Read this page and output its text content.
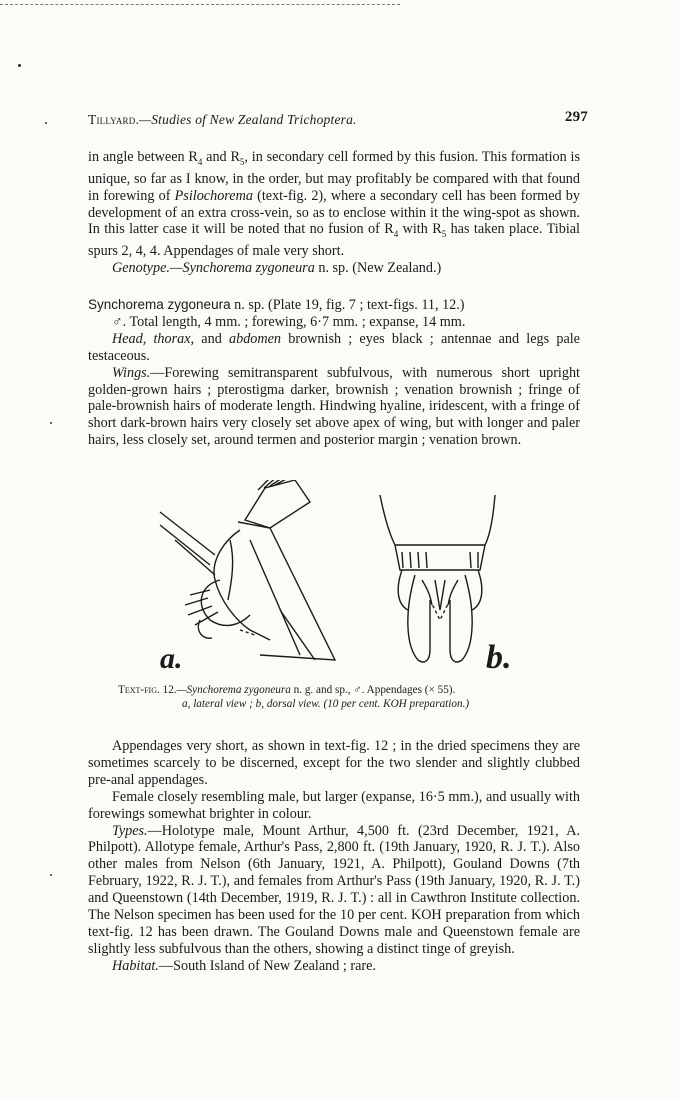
Tillyard.—Studies of New Zealand Trichoptera.	297

in angle between $R_4$ and $R_5$, in secondary cell formed by this fusion. This formation is unique, so far as I know, in the order, but may profitably be compared with that found in forewing of Psilochorema (text-fig. 2), where a secondary cell has been formed by development of an extra cross-vein, so as to enclose within it the wing-spot as shown. In this latter case it will be noted that no fusion of $R_4$ with $R_5$ has taken place. Tibial spurs 2, 4, 4. Appendages of male very short.

Genotype.—Synchorema zygoneura n. sp. (New Zealand.)

Synchorema zygoneura n. sp. (Plate 19, fig. 7 ; text-figs. 11, 12.)

♂. Total length, 4 mm. ; forewing, 6·7 mm. ; expanse, 14 mm.

Head, thorax, and abdomen brownish ; eyes black ; antennae and legs pale testaceous.

Wings.—Forewing semitransparent subfulvous, with numerous short upright golden-grown hairs ; pterostigma darker, brownish ; venation brownish ; fringe of pale-brownish hairs of moderate length. Hindwing hyaline, iridescent, with a fringe of short dark-brown hairs very closely set above apex of wing, but with longer and paler hairs, less closely set, around termen and posterior margin ; venation brown.

a.	b.
Text-fig. 12.—Synchorema zygoneura n. g. and sp., ♂. Appendages (× 55).
a, lateral view ; b, dorsal view. (10 per cent. KOH preparation.)

Appendages very short, as shown in text-fig. 12 ; in the dried specimens they are sometimes scarcely to be discerned, except for the two slender and slightly clubbed pre-anal appendages.

Female closely resembling male, but larger (expanse, 16·5 mm.), and usually with forewings somewhat brighter in colour.

Types.—Holotype male, Mount Arthur, 4,500 ft. (23rd December, 1921, A. Philpott). Allotype female, Arthur's Pass, 2,800 ft. (19th January, 1920, R. J. T.). Also other males from Nelson (6th January, 1921, A. Philpott), Gouland Downs (7th February, 1922, R. J. T.), and females from Arthur's Pass (19th January, 1920, R. J. T.) and Queenstown (14th December, 1919, R. J. T.) : all in Cawthron Institute collection. The Nelson specimen has been used for the 10 per cent. KOH preparation from which text-fig. 12 has been drawn. The Gouland Downs male and Queenstown female are slightly less subfulvous than the others, showing a distinct tinge of greyish.

Habitat.—South Island of New Zealand ; rare.
